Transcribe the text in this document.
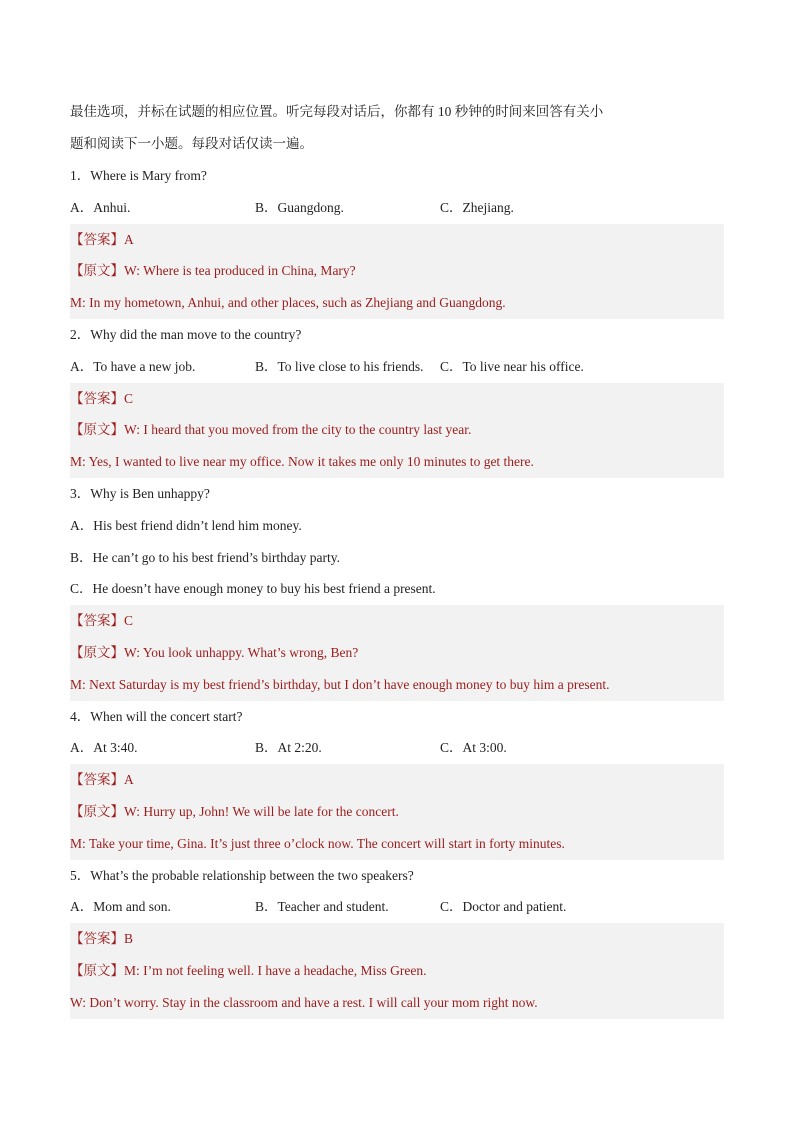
最佳选项，并标在试题的相应位置。听完每段对话后，你都有 10 秒钟的时间来回答有关小
题和阅读下一小题。每段对话仅读一遍。
1．Where is Mary from?
A．Anhui.	B．Guangdong.	C．Zhejiang.
【答案】A
【原文】W: Where is tea produced in China, Mary?
M: In my hometown, Anhui, and other places, such as Zhejiang and Guangdong.
2．Why did the man move to the country?
A．To have a new job.	B．To live close to his friends.	C．To live near his office.
【答案】C
【原文】W: I heard that you moved from the city to the country last year.
M: Yes, I wanted to live near my office. Now it takes me only 10 minutes to get there.
3．Why is Ben unhappy?
A．His best friend didn’t lend him money.
B．He can’t go to his best friend’s birthday party.
C．He doesn’t have enough money to buy his best friend a present.
【答案】C
【原文】W: You look unhappy. What’s wrong, Ben?
M: Next Saturday is my best friend’s birthday, but I don’t have enough money to buy him a present.
4．When will the concert start?
A．At 3:40.	B．At 2:20.	C．At 3:00.
【答案】A
【原文】W: Hurry up, John! We will be late for the concert.
M: Take your time, Gina. It’s just three o’clock now. The concert will start in forty minutes.
5．What’s the probable relationship between the two speakers?
A．Mom and son.	B．Teacher and student.	C．Doctor and patient.
【答案】B
【原文】M: I’m not feeling well. I have a headache, Miss Green.
W: Don’t worry. Stay in the classroom and have a rest. I will call your mom right now.
